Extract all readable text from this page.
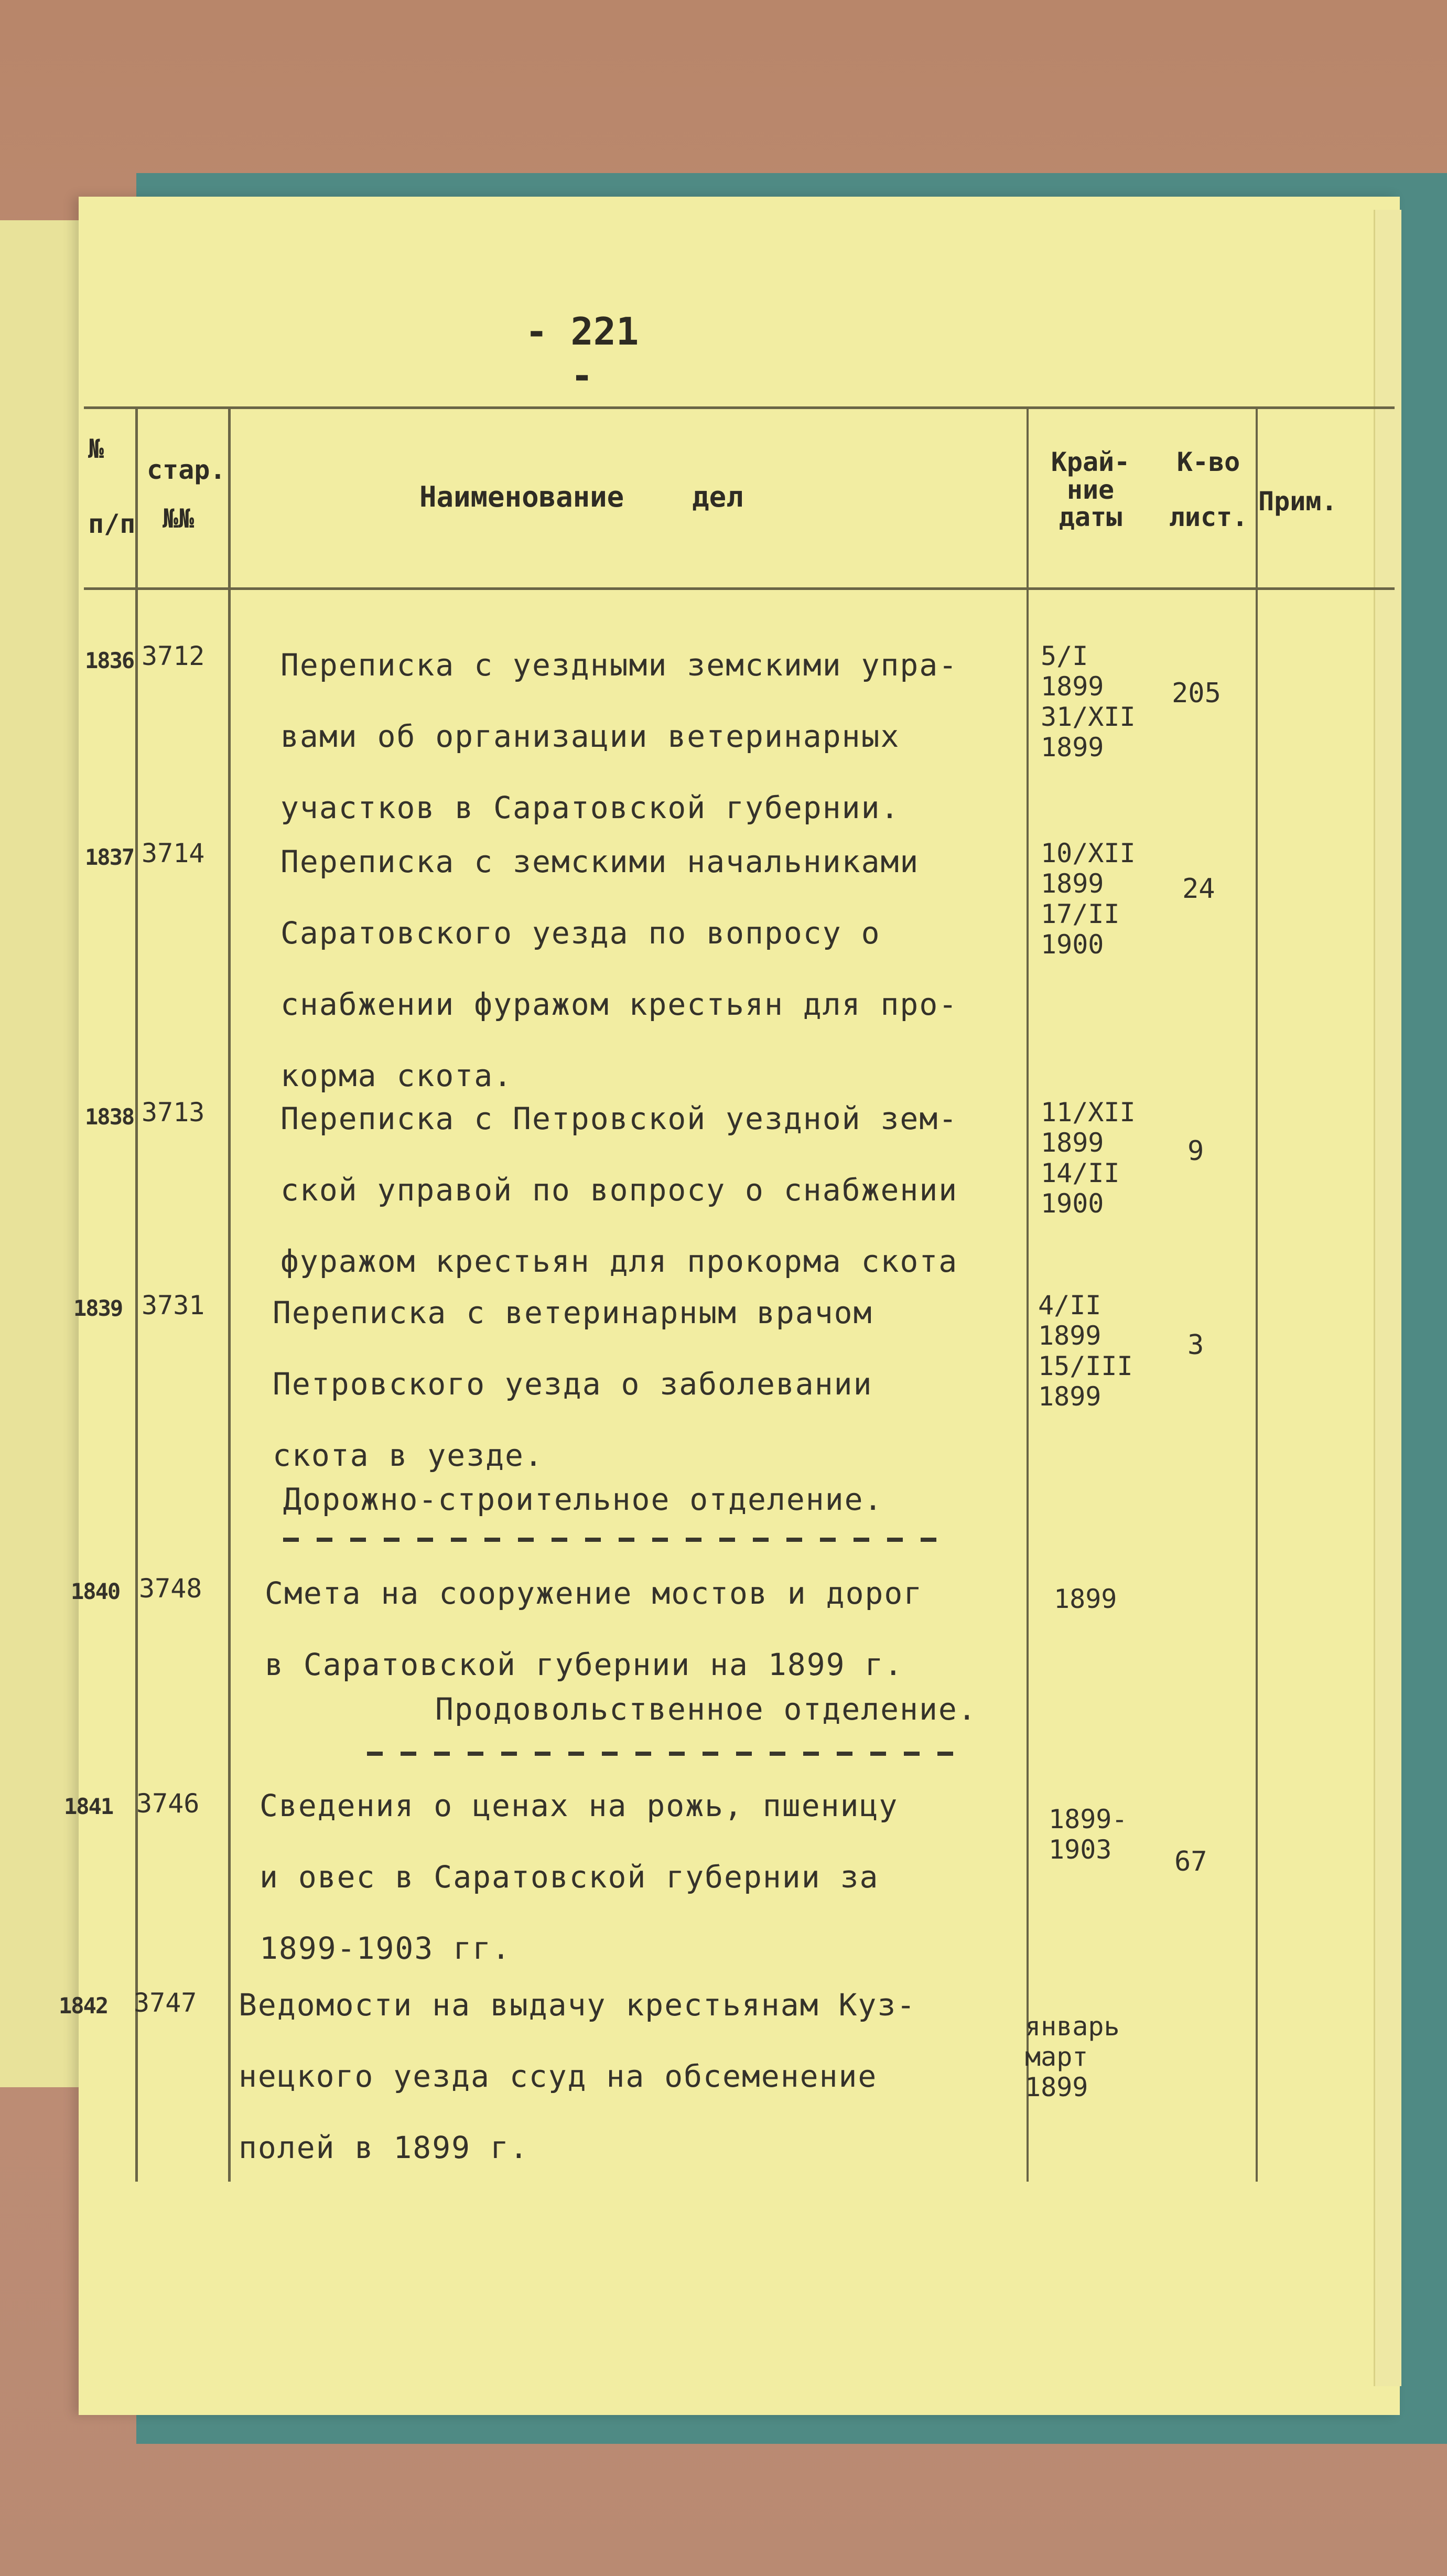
- 221 -
№
п/п
стар.
№№
Наименование    дел
Край-
ние
даты
К-во

лист.
Прим.
1836 3712 Переписка с уездными земскими упра-
вами об организации ветеринарных
участков в Саратовской губернии.
5/I
1899
31/XII
1899
205
1837 3714 Переписка с земскими начальниками
Саратовского уезда по вопросу о
снабжении фуражом крестьян для про-
корма скота.
10/XII
1899
17/II
1900
24
1838 3713 Переписка с Петровской уездной зем-
ской управой по вопросу о снабжении
фуражом крестьян для прокорма скота
11/XII
1899
14/II
1900
9
1839 3731 Переписка с ветеринарным врачом
Петровского уезда о заболевании
скота в уезде.
4/II
1899
15/III
1899
3
Дорожно-строительное отделение.
1840 3748 Смета на сооружение мостов и дорог
в Саратовской губернии на 1899 г.
1899
Продовольственное отделение.
1841 3746 Сведения о ценах на рожь, пшеницу
и овес в Саратовской губернии за
1899-1903 гг.
1899-
1903	67
1842 3747 Ведомости на выдачу крестьянам Куз-
нецкого уезда ссуд на обсеменение
полей в 1899 г.
январь
март
1899
